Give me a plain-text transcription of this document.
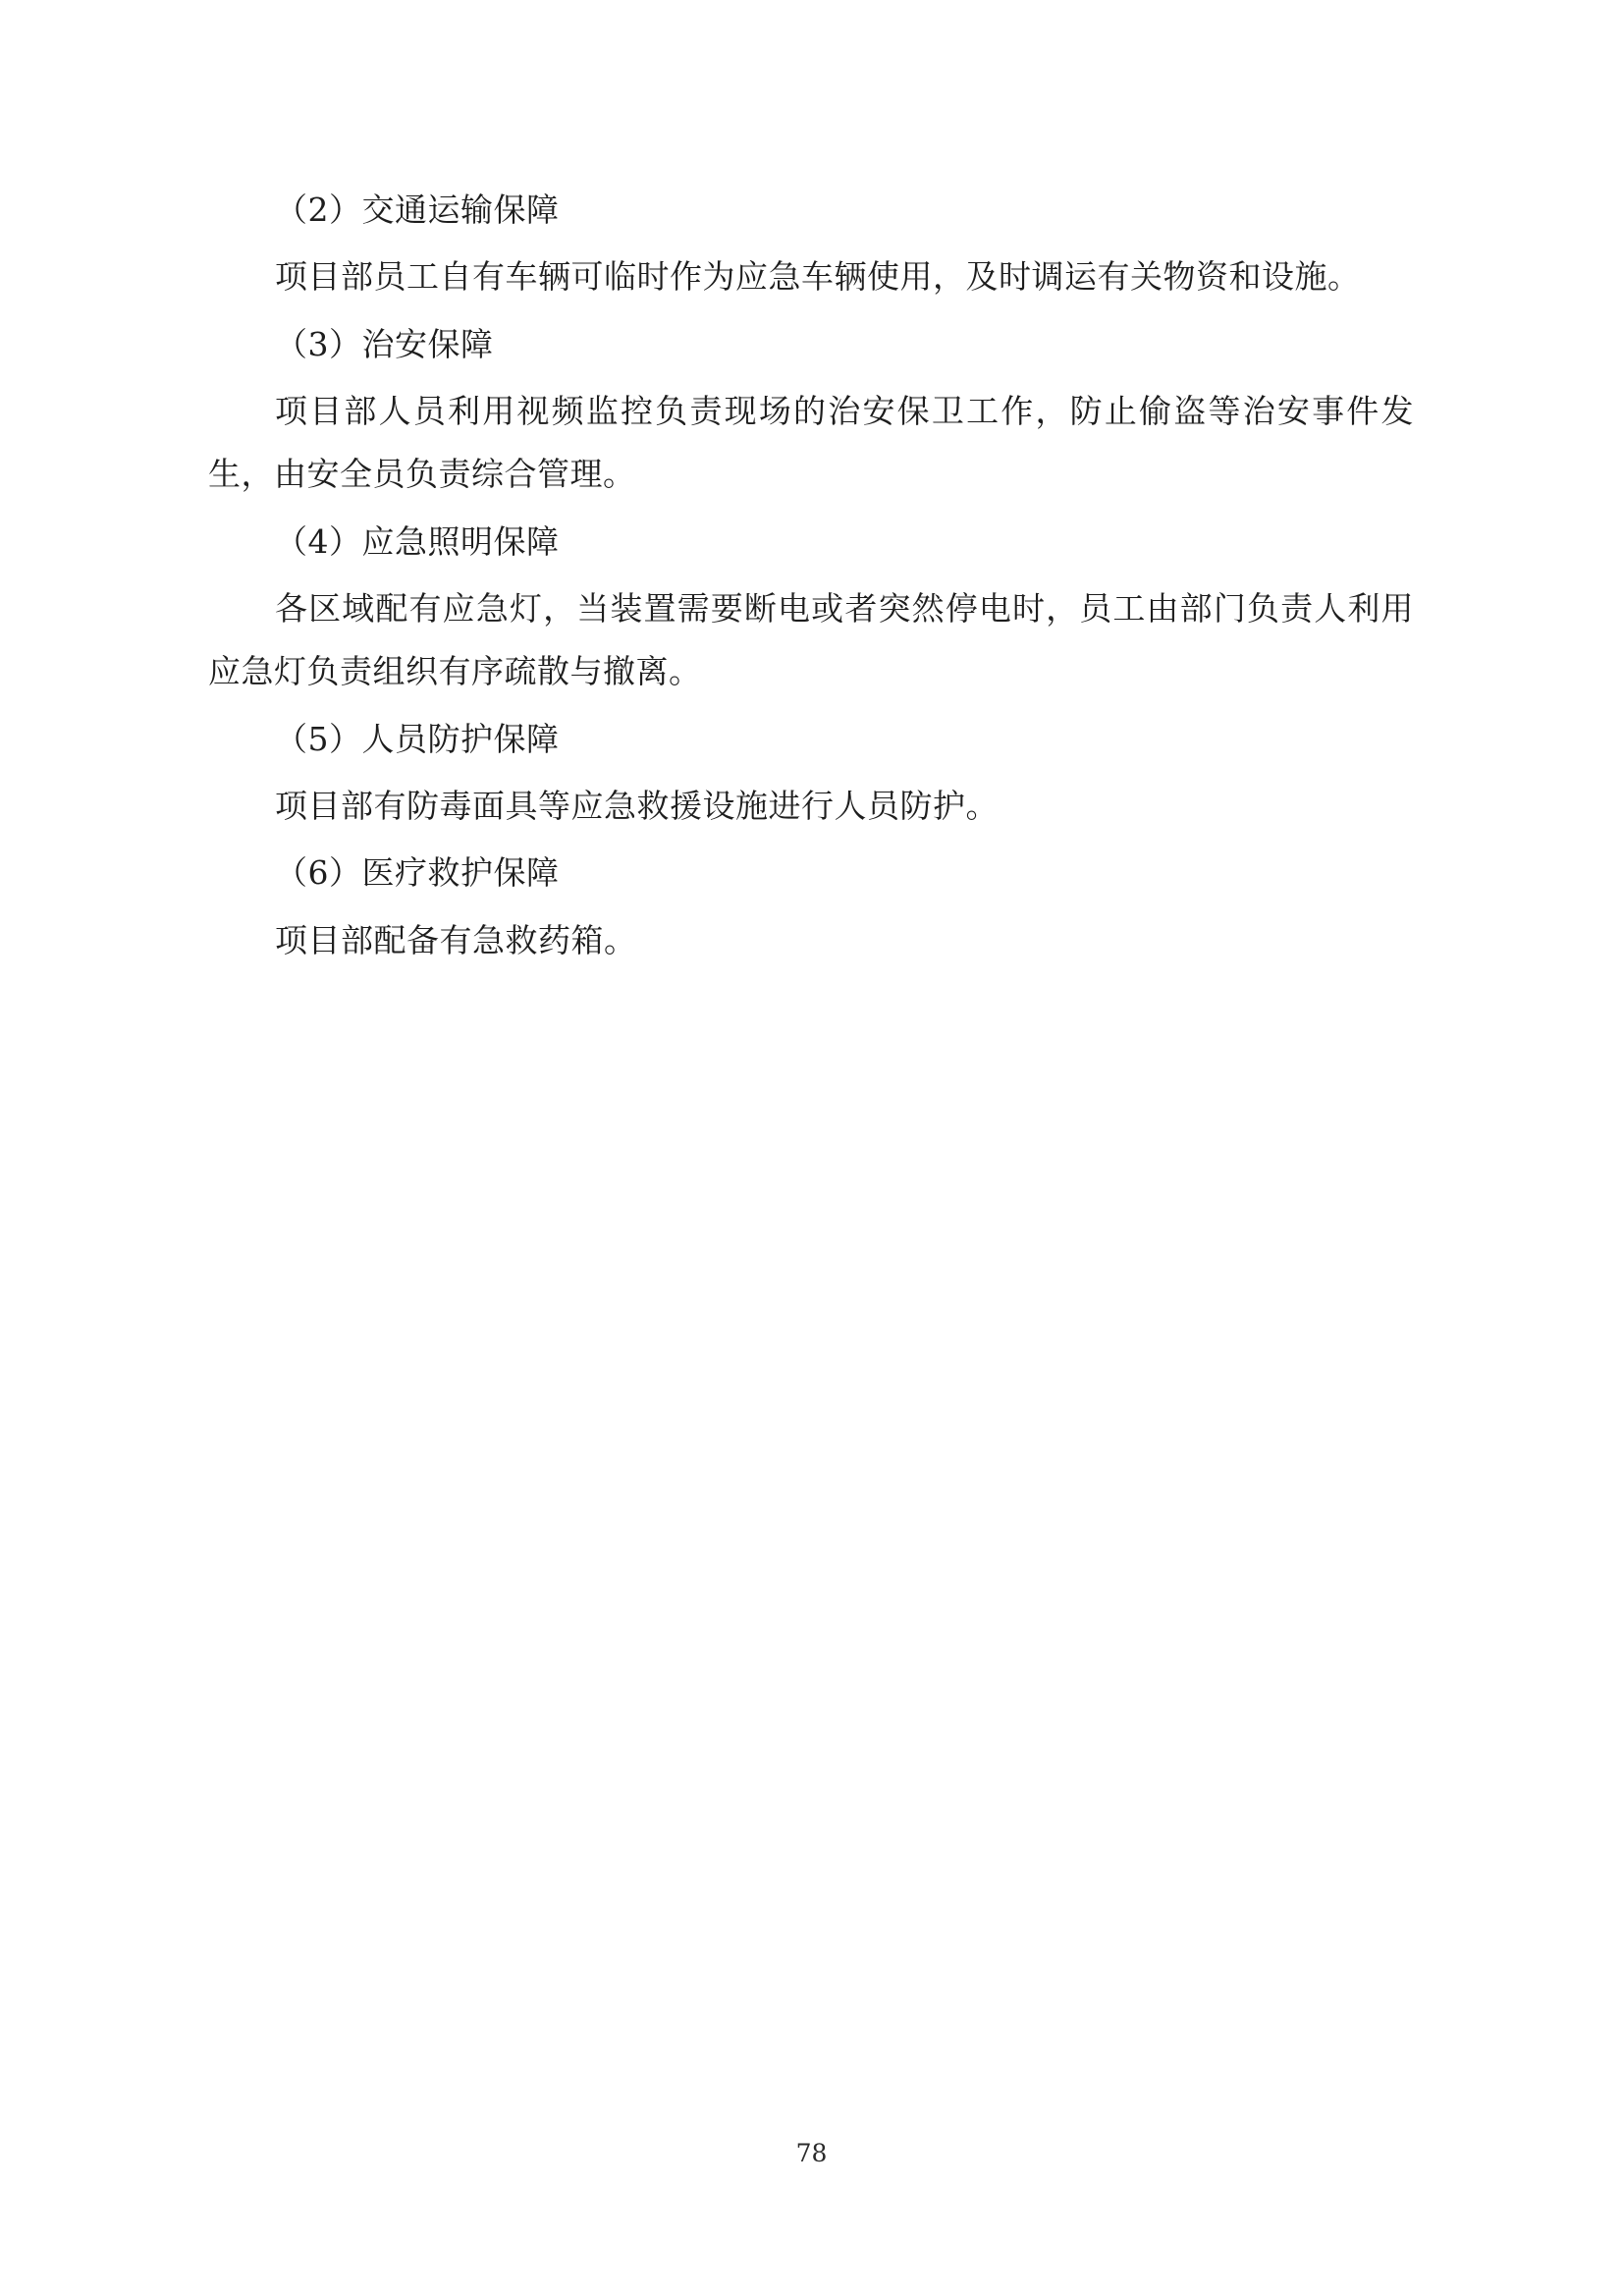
（2）交通运输保障

项目部员工自有车辆可临时作为应急车辆使用，及时调运有关物资和设施。

（3）治安保障

项目部人员利用视频监控负责现场的治安保卫工作，防止偷盗等治安事件发生，由安全员负责综合管理。

（4）应急照明保障

各区域配有应急灯，当装置需要断电或者突然停电时，员工由部门负责人利用应急灯负责组织有序疏散与撤离。

（5）人员防护保障

项目部有防毒面具等应急救援设施进行人员防护。

（6）医疗救护保障

项目部配备有急救药箱。

78
